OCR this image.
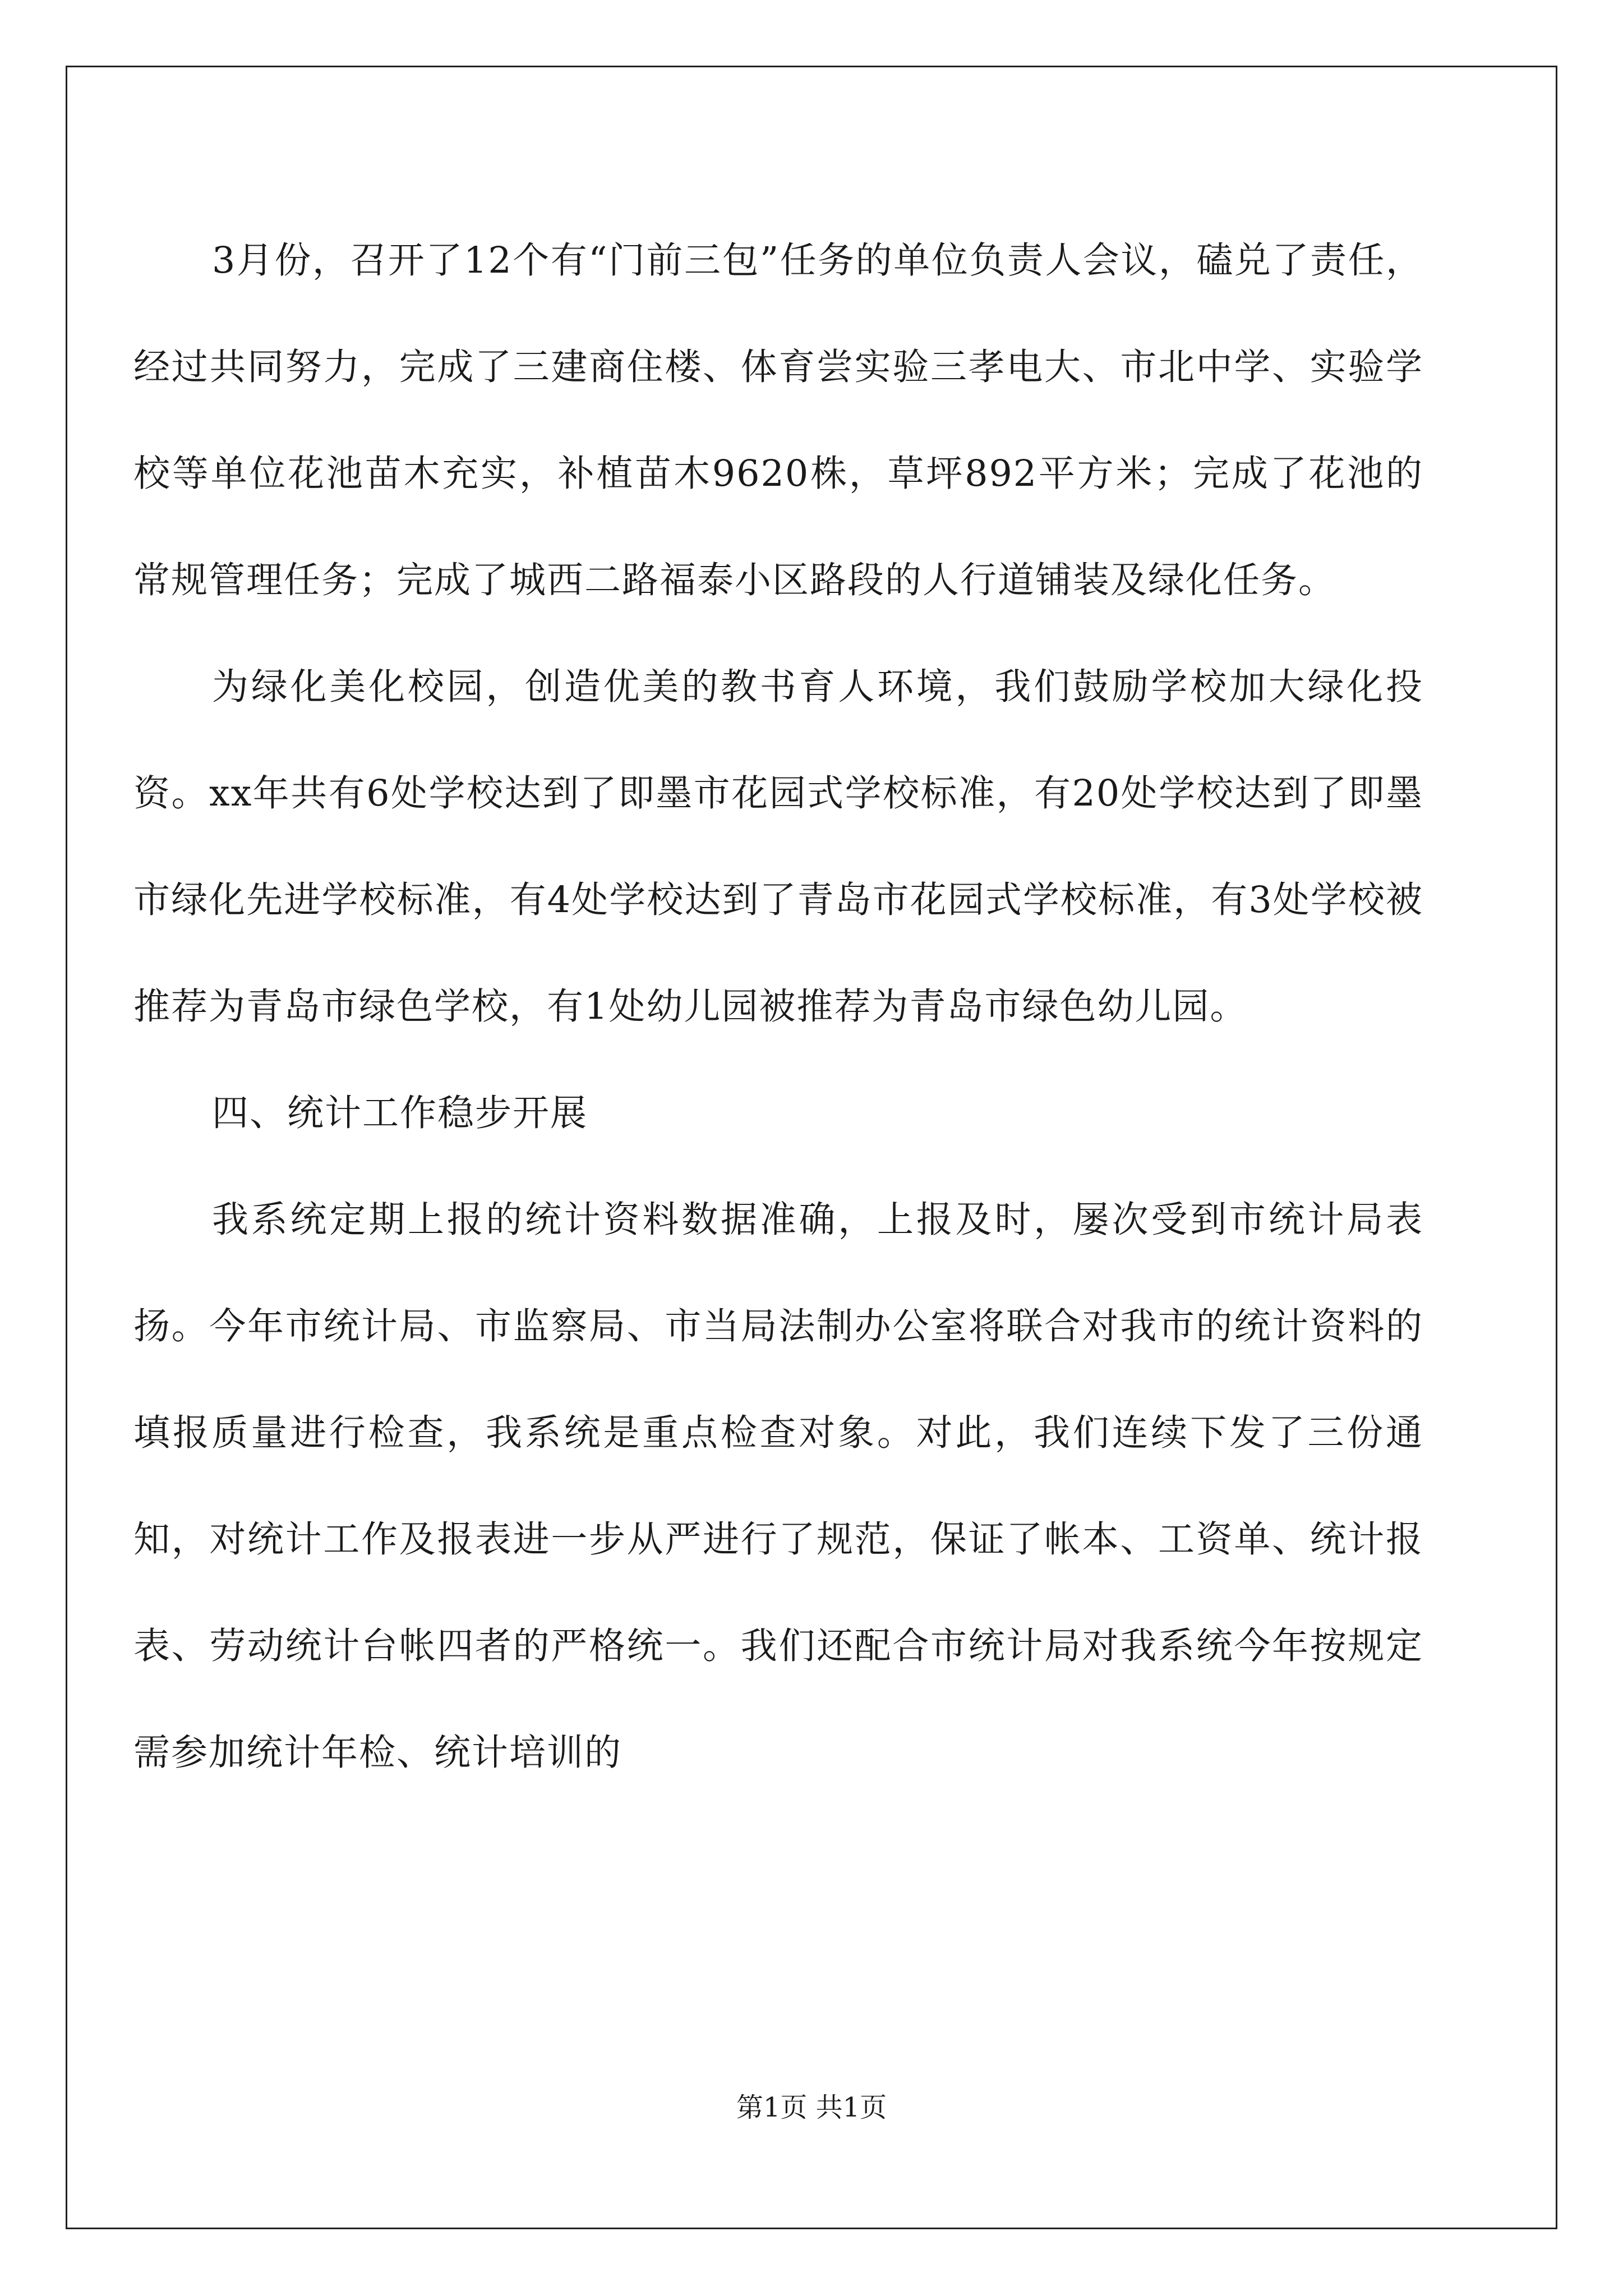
3月份，召开了12个有“门前三包”任务的单位负责人会议，磕兑了责任，经过共同努力，完成了三建商住楼、体育尝实验三孝电大、市北中学、实验学校等单位花池苗木充实，补植苗木9620株，草坪892平方米；完成了花池的常规管理任务；完成了城西二路福泰小区路段的人行道铺装及绿化任务。

为绿化美化校园，创造优美的教书育人环境，我们鼓励学校加大绿化投资。xx年共有6处学校达到了即墨市花园式学校标准，有20处学校达到了即墨市绿化先进学校标准，有4处学校达到了青岛市花园式学校标准，有3处学校被推荐为青岛市绿色学校，有1处幼儿园被推荐为青岛市绿色幼儿园。

四、统计工作稳步开展

我系统定期上报的统计资料数据准确，上报及时，屡次受到市统计局表扬。今年市统计局、市监察局、市当局法制办公室将联合对我市的统计资料的填报质量进行检查，我系统是重点检查对象。对此，我们连续下发了三份通知，对统计工作及报表进一步从严进行了规范，保证了帐本、工资单、统计报表、劳动统计台帐四者的严格统一。我们还配合市统计局对我系统今年按规定需参加统计年检、统计培训的

第1页 共1页
